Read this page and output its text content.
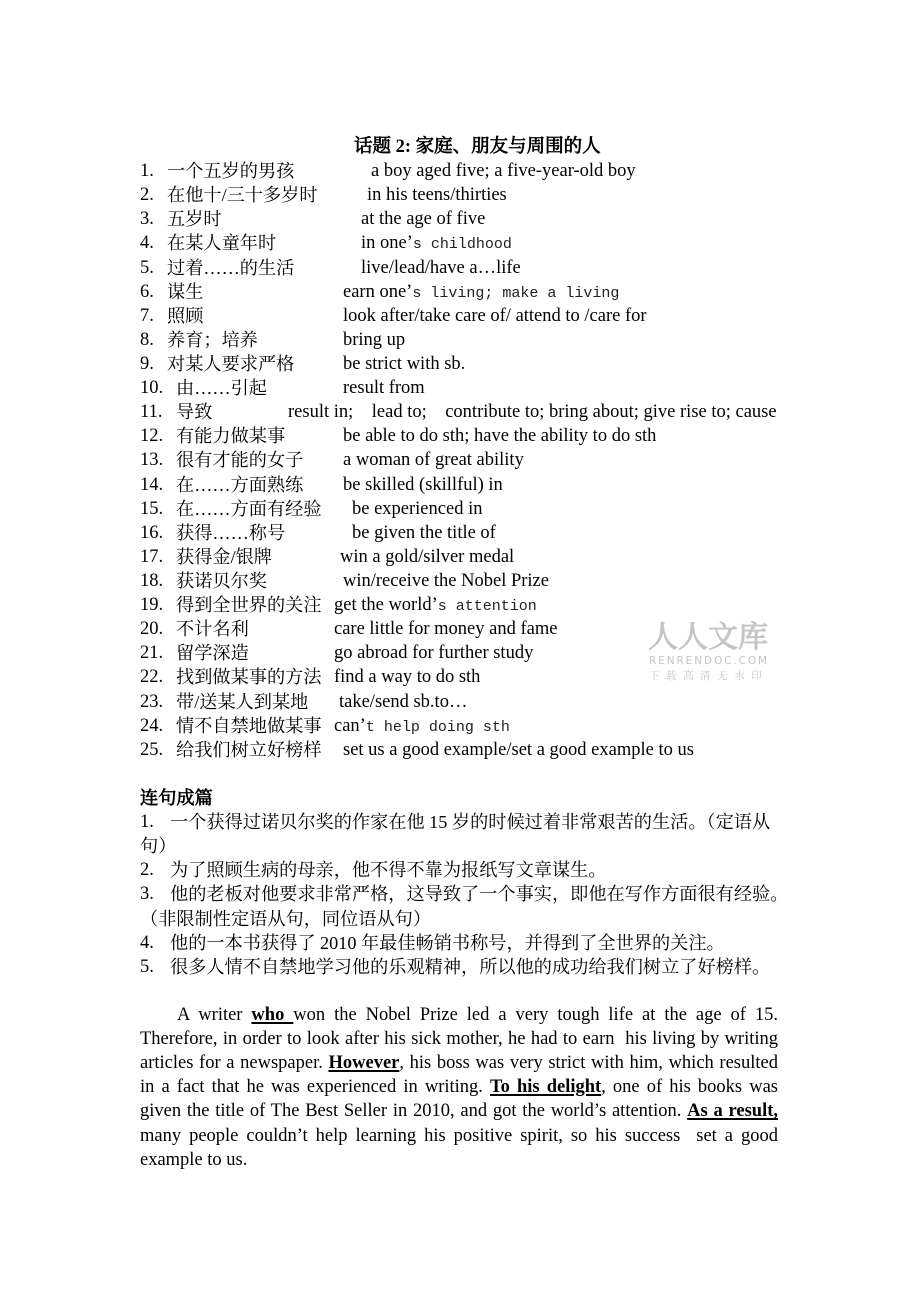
话题 2: 家庭、朋友与周围的人
1. 一个五岁的男孩	a boy aged five; a five-year-old boy
2. 在他十/三十多岁时	in his teens/thirties
3. 五岁时	at the age of five
4. 在某人童年时	in one’s childhood
5. 过着……的生活	live/lead/have a…life
6. 谋生	earn one’s living; make a living
7. 照顾	look after/take care of/ attend to /care for
8. 养育；培养	bring up
9. 对某人要求严格	be strict with sb.
10. 由……引起	result from
11. 导致	result in;    lead to;    contribute to; bring about; give rise to; cause
12. 有能力做某事	be able to do sth; have the ability to do sth
13. 很有才能的女子 a woman of great ability
14. 在……方面熟练 be skilled (skillful) in
15. 在……方面有经验 be experienced in
16. 获得……称号	be given the title of
17. 获得金/银牌	win a gold/silver medal
18. 获诺贝尔奖	win/receive the Nobel Prize
19. 得到全世界的关注 get the world’s attention
20. 不计名利	care little for money and fame
21. 留学深造	go abroad for further study
22. 找到做某事的方法 find a way to do sth
23. 带/送某人到某地 take/send sb.to…
24. 情不自禁地做某事 can’t help doing sth
25. 给我们树立好榜样 set us a good example/set a good example to us
连句成篇
1. 一个获得过诺贝尔奖的作家在他 15 岁的时候过着非常艰苦的生活。（定语从
句）
2. 为了照顾生病的母亲，他不得不靠为报纸写文章谋生。
3. 他的老板对他要求非常严格，这导致了一个事实，即他在写作方面很有经验。
（非限制性定语从句，同位语从句）
4. 他的一本书获得了 2010 年最佳畅销书称号，并得到了全世界的关注。
5. 很多人情不自禁地学习他的乐观精神，所以他的成功给我们树立了好榜样。

A writer who won the Nobel Prize led a very tough life at the age of 15. Therefore, in order to look after his sick mother, he had to earn  his living by writing articles for a newspaper. However, his boss was very strict with him, which resulted in a fact that he was experienced in writing. To his delight, one of his books was given the title of The Best Seller in 2010, and got the world’s attention. As a result, many people couldn’t help learning his positive spirit, so his success  set a good example to us.

人人文库
RENRENDOC.COM
下 载 高 清 无 水 印
